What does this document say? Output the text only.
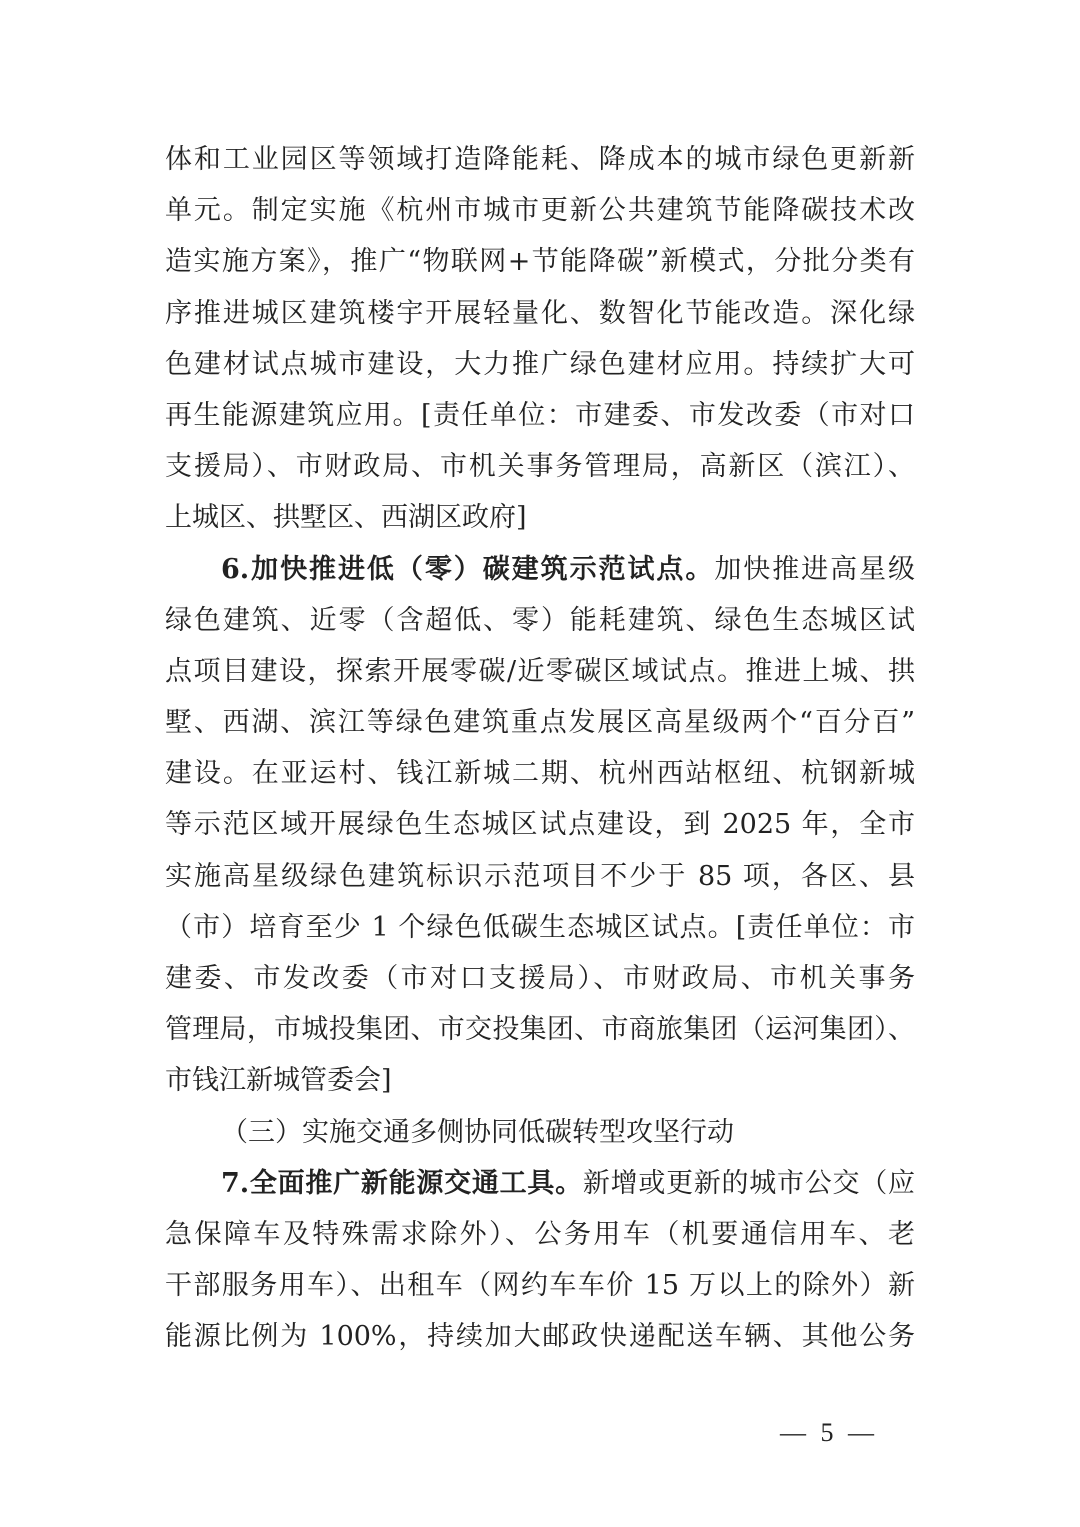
体和工业园区等领域打造降能耗、降成本的城市绿色更新新
单元。制定实施《杭州市城市更新公共建筑节能降碳技术改
造实施方案》，推广“物联网+节能降碳”新模式，分批分类有
序推进城区建筑楼宇开展轻量化、数智化节能改造。深化绿
色建材试点城市建设，大力推广绿色建材应用。持续扩大可
再生能源建筑应用。[责任单位：市建委、市发改委（市对口
支援局）、市财政局、市机关事务管理局，高新区（滨江）、
上城区、拱墅区、西湖区政府]
6.加快推进低（零）碳建筑示范试点。加快推进高星级
绿色建筑、近零（含超低、零）能耗建筑、绿色生态城区试
点项目建设，探索开展零碳/近零碳区域试点。推进上城、拱
墅、西湖、滨江等绿色建筑重点发展区高星级两个“百分百”
建设。在亚运村、钱江新城二期、杭州西站枢纽、杭钢新城
等示范区域开展绿色生态城区试点建设，到 2025 年，全市
实施高星级绿色建筑标识示范项目不少于 85 项，各区、县
（市）培育至少 1 个绿色低碳生态城区试点。[责任单位：市
建委、市发改委（市对口支援局）、市财政局、市机关事务
管理局，市城投集团、市交投集团、市商旅集团（运河集团）、
市钱江新城管委会]
（三）实施交通多侧协同低碳转型攻坚行动
7.全面推广新能源交通工具。新增或更新的城市公交（应
急保障车及特殊需求除外）、公务用车（机要通信用车、老
干部服务用车）、出租车（网约车车价 15 万以上的除外）新
能源比例为 100%，持续加大邮政快递配送车辆、其他公务
— 5 —
